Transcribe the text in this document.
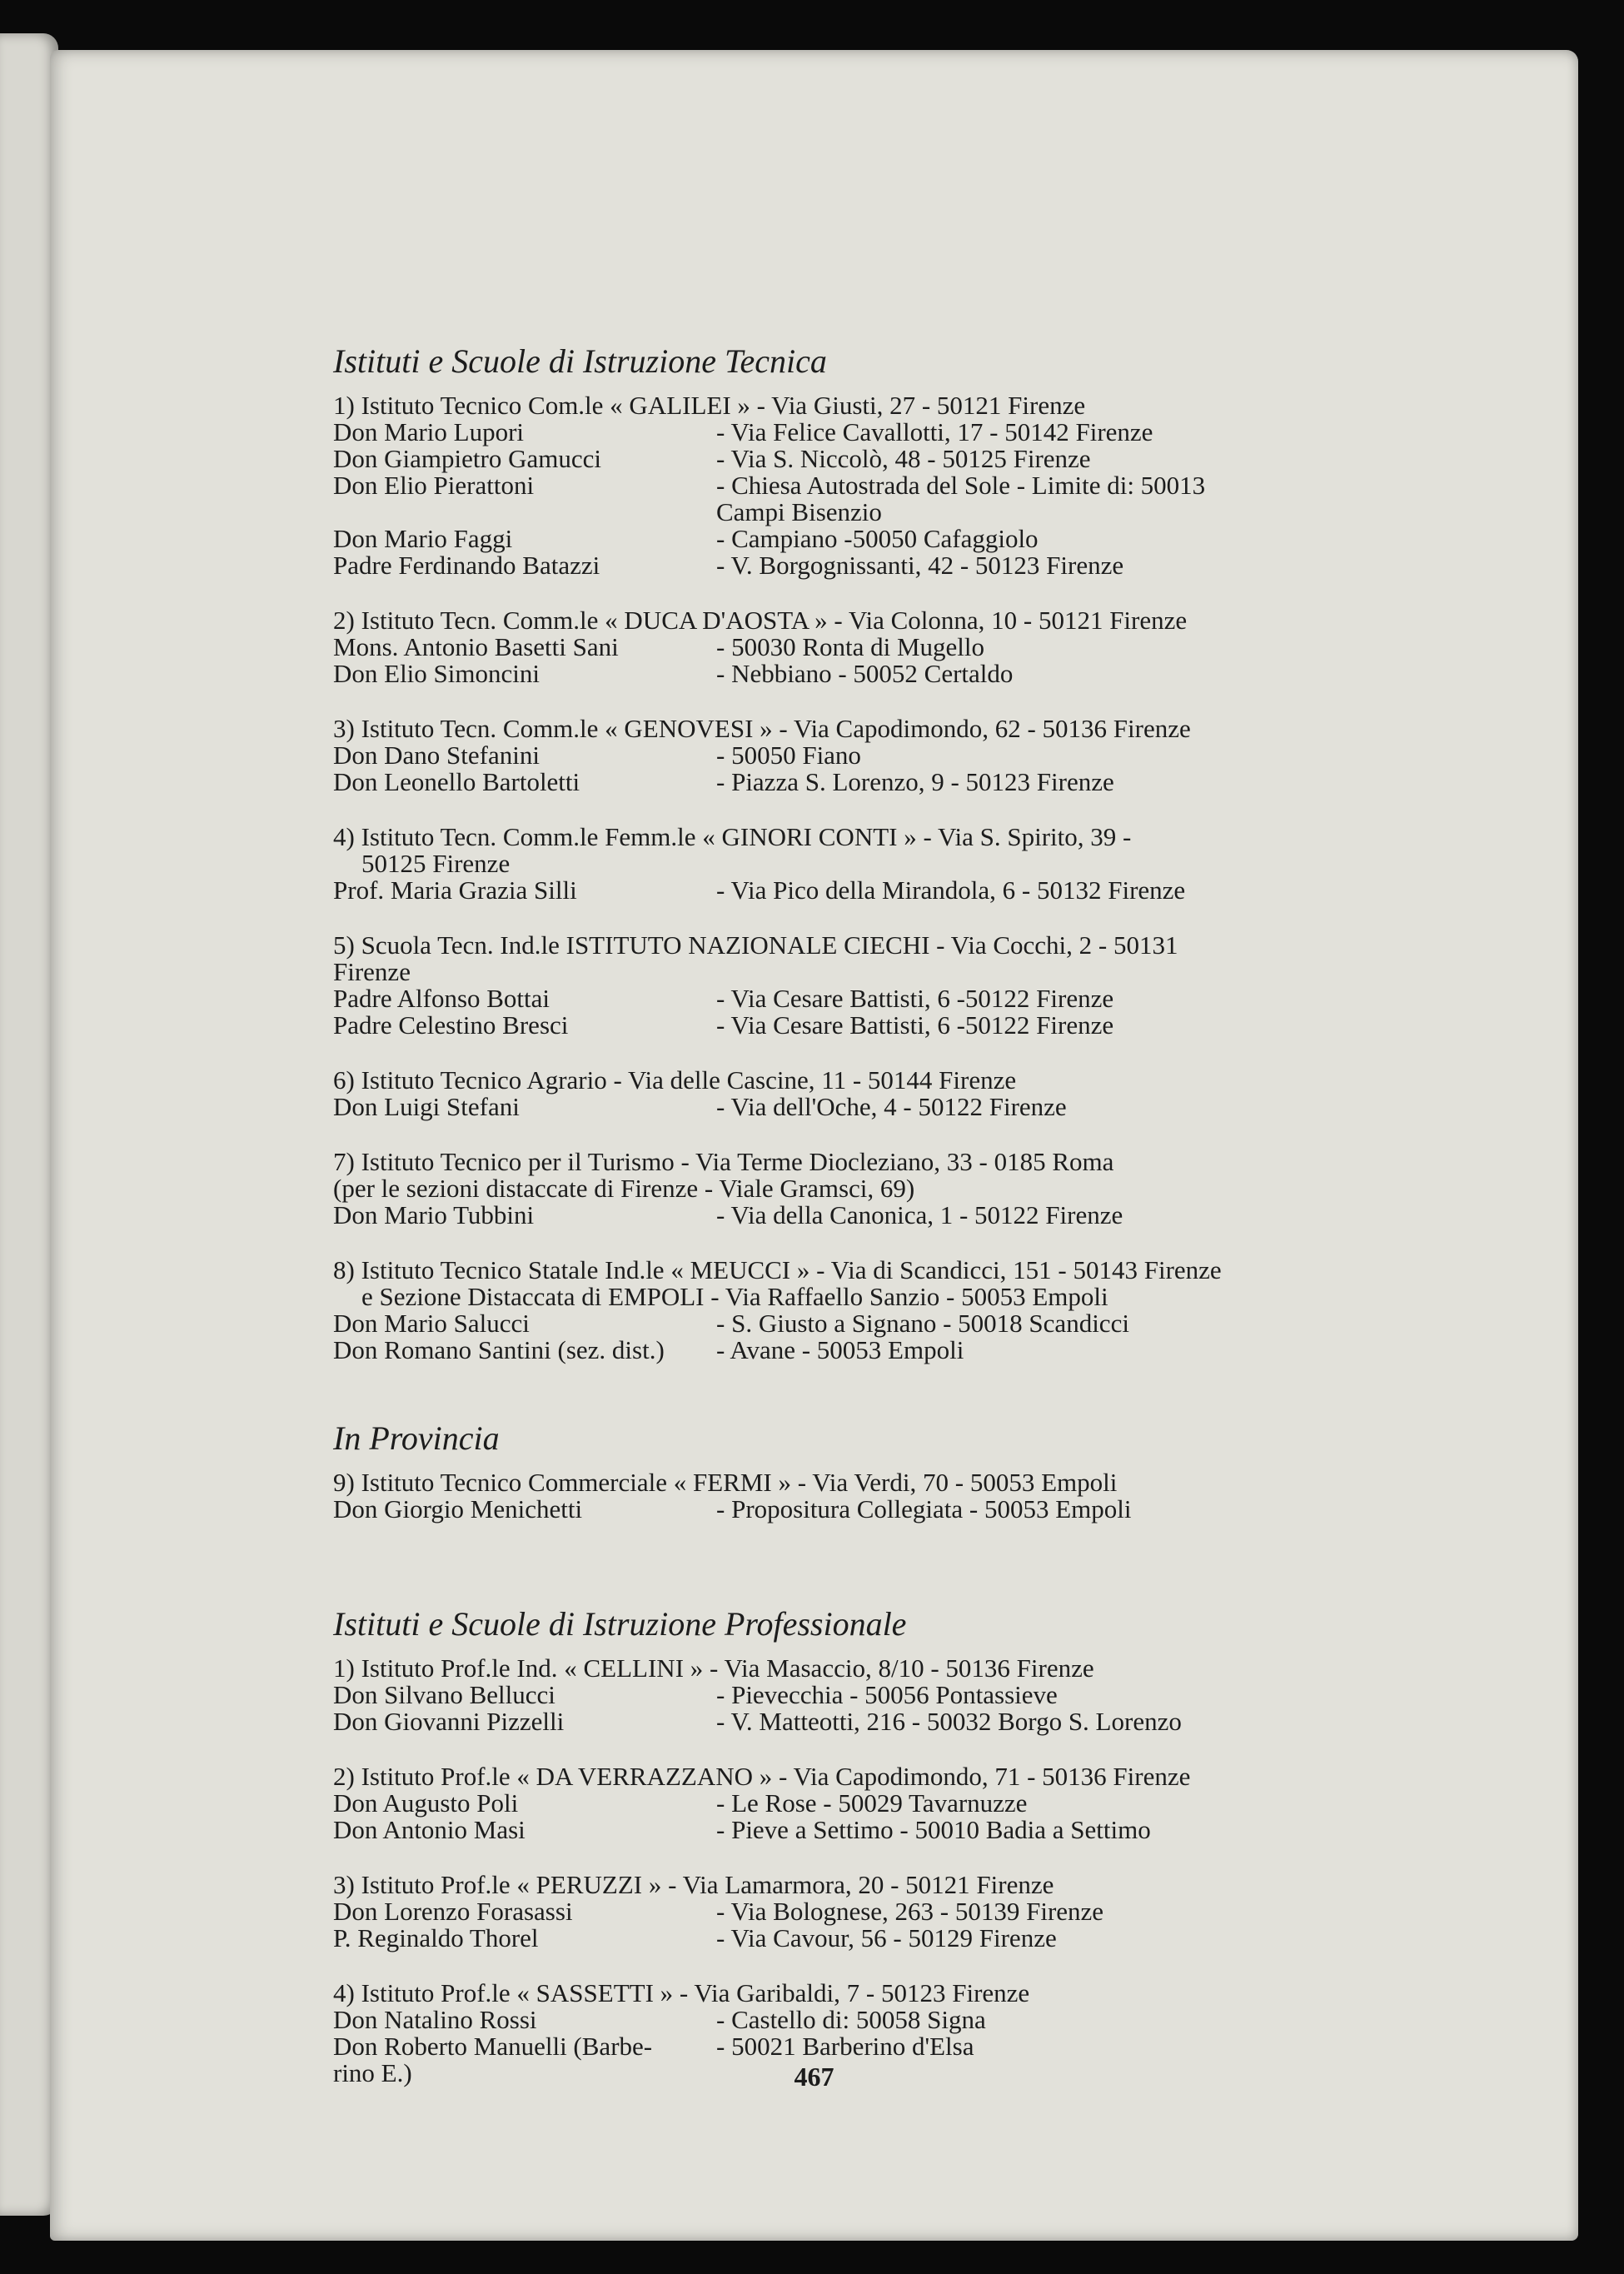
Istituti e Scuole di Istruzione Tecnica
1) Istituto Tecnico Com.le « GALILEI » - Via Giusti, 27 - 50121 Firenze
Don Mario Lupori	- Via Felice Cavallotti, 17 - 50142 Firenze
Don Giampietro Gamucci	- Via S. Niccolò, 48 - 50125 Firenze
Don Elio Pierattoni	- Chiesa Autostrada del Sole - Limite di: 50013
Campi Bisenzio
Don Mario Faggi	- Campiano -50050 Cafaggiolo
Padre Ferdinando Batazzi	- V. Borgognissanti, 42 - 50123 Firenze
2) Istituto Tecn. Comm.le « DUCA D'AOSTA » - Via Colonna, 10 - 50121 Firenze
Mons. Antonio Basetti Sani	- 50030 Ronta di Mugello
Don Elio Simoncini	- Nebbiano - 50052 Certaldo
3) Istituto Tecn. Comm.le « GENOVESI » - Via Capodimondo, 62 - 50136 Firenze
Don Dano Stefanini	- 50050 Fiano
Don Leonello Bartoletti	- Piazza S. Lorenzo, 9 - 50123 Firenze
4) Istituto Tecn. Comm.le Femm.le « GINORI CONTI » - Via S. Spirito, 39 -
50125 Firenze
Prof. Maria Grazia Silli	- Via Pico della Mirandola, 6 - 50132 Firenze
5) Scuola Tecn. Ind.le ISTITUTO NAZIONALE CIECHI - Via Cocchi, 2 - 50131
Firenze
Padre Alfonso Bottai	- Via Cesare Battisti, 6 -50122 Firenze
Padre Celestino Bresci	- Via Cesare Battisti, 6 -50122 Firenze
6) Istituto Tecnico Agrario - Via delle Cascine, 11 - 50144 Firenze
Don Luigi Stefani	- Via dell'Oche, 4 - 50122 Firenze
7) Istituto Tecnico per il Turismo - Via Terme Diocleziano, 33 - 0185 Roma
(per le sezioni distaccate di Firenze - Viale Gramsci, 69)
Don Mario Tubbini	- Via della Canonica, 1 - 50122 Firenze
8) Istituto Tecnico Statale Ind.le « MEUCCI » - Via di Scandicci, 151 - 50143 Firenze
e Sezione Distaccata di EMPOLI - Via Raffaello Sanzio - 50053 Empoli
Don Mario Salucci	- S. Giusto a Signano - 50018 Scandicci
Don Romano Santini (sez. dist.)	- Avane - 50053 Empoli
In Provincia
9) Istituto Tecnico Commerciale « FERMI » - Via Verdi, 70 - 50053 Empoli
Don Giorgio Menichetti	- Propositura Collegiata - 50053 Empoli
Istituti e Scuole di Istruzione Professionale
1) Istituto Prof.le Ind. « CELLINI » - Via Masaccio, 8/10 - 50136 Firenze
Don Silvano Bellucci	- Pievecchia - 50056 Pontassieve
Don Giovanni Pizzelli	- V. Matteotti, 216 - 50032 Borgo S. Lorenzo
2) Istituto Prof.le « DA VERRAZZANO » - Via Capodimondo, 71 - 50136 Firenze
Don Augusto Poli	- Le Rose - 50029 Tavarnuzze
Don Antonio Masi	- Pieve a Settimo - 50010 Badia a Settimo
3) Istituto Prof.le « PERUZZI » - Via Lamarmora, 20 - 50121 Firenze
Don Lorenzo Forasassi	- Via Bolognese, 263 - 50139 Firenze
P. Reginaldo Thorel	- Via Cavour, 56 - 50129 Firenze
4) Istituto Prof.le « SASSETTI » - Via Garibaldi, 7 - 50123 Firenze
Don Natalino Rossi	- Castello di: 50058 Signa
Don Roberto Manuelli (Barbe-	- 50021 Barberino d'Elsa
rino E.)	467
